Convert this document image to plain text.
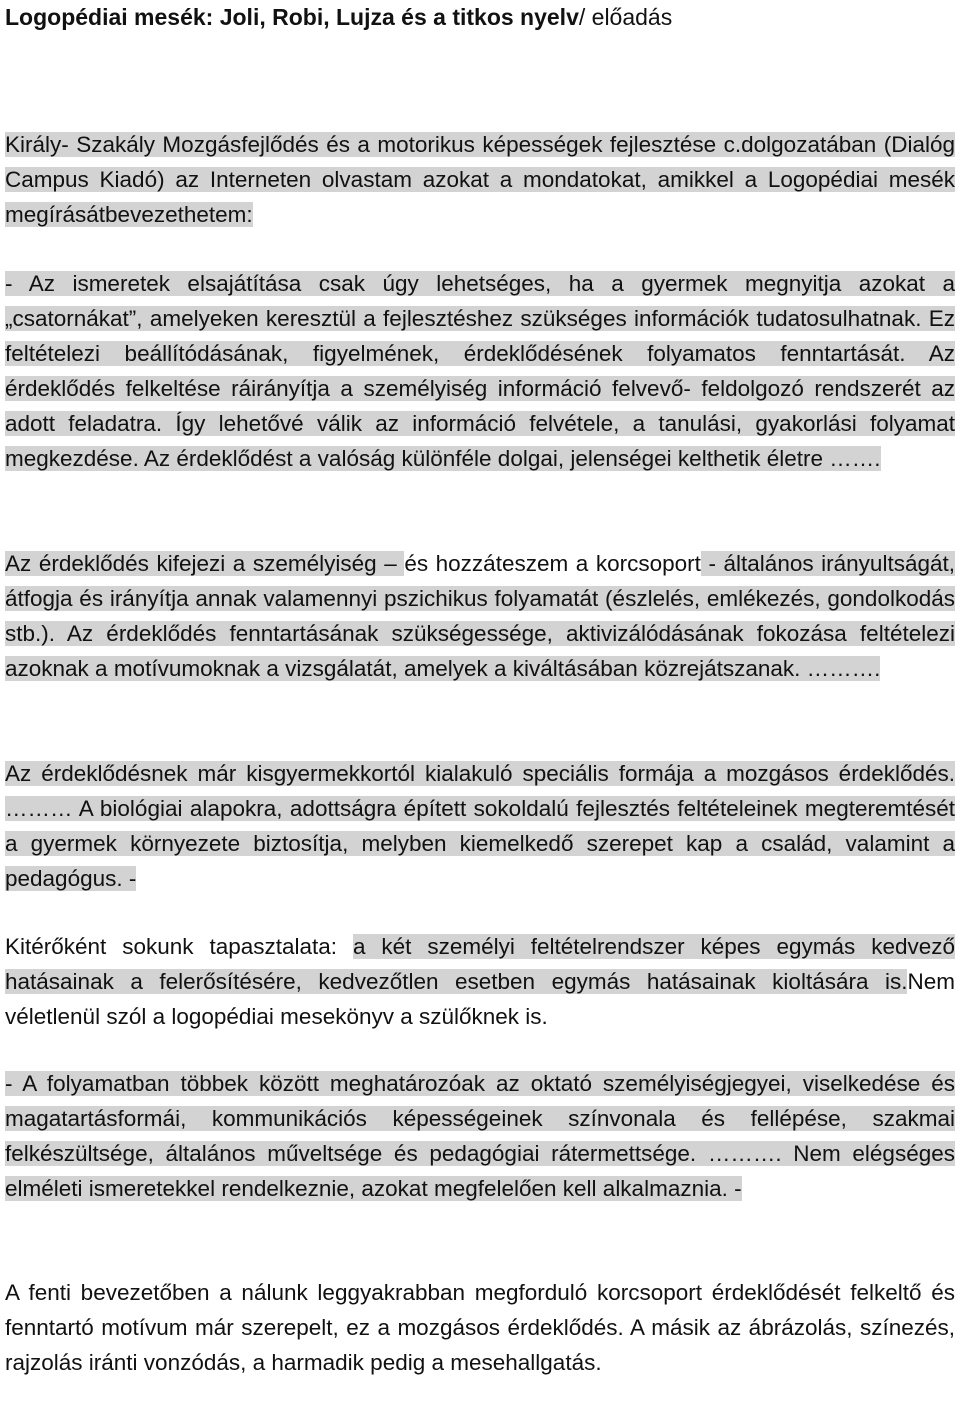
Logopédiai mesék: Joli, Robi, Lujza és a titkos nyelv/ előadás

Király- Szakály Mozgásfejlődés és a motorikus képességek fejlesztése c.dolgozatában (Dialóg Campus Kiadó) az Interneten olvastam azokat a mondatokat, amikkel a Logopédiai mesék megírásátbevezethetem:

- Az ismeretek elsajátítása csak úgy lehetséges, ha a gyermek megnyitja azokat a „csatornákat”, amelyeken keresztül a fejlesztéshez szükséges információk tudatosulhatnak. Ez feltételezi beállítódásának, figyelmének, érdeklődésének folyamatos fenntartását. Az érdeklődés felkeltése ráirányítja a személyiség információ felvevő- feldolgozó rendszerét az adott feladatra. Így lehetővé válik az információ felvétele, a tanulási, gyakorlási folyamat megkezdése. Az érdeklődést a valóság különféle dolgai, jelenségei kelthetik életre …….

Az érdeklődés kifejezi a személyiség – és hozzáteszem a korcsoport - általános irányultságát, átfogja és irányítja annak valamennyi pszichikus folyamatát (észlelés, emlékezés, gondolkodás stb.). Az érdeklődés fenntartásának szükségessége, aktivizálódásának fokozása feltételezi azoknak a motívumoknak a vizsgálatát, amelyek a kiváltásában közrejátszanak. ……….

Az érdeklődésnek már kisgyermekkortól kialakuló speciális formája a mozgásos érdeklődés. ……… A biológiai alapokra, adottságra épített sokoldalú fejlesztés feltételeinek megteremtését a gyermek környezete biztosítja, melyben kiemelkedő szerepet kap a család, valamint a pedagógus. -

Kitérőként sokunk tapasztalata: a két személyi feltételrendszer képes egymás kedvező hatásainak a felerősítésére, kedvezőtlen esetben egymás hatásainak kioltására is.Nem véletlenül szól a logopédiai mesekönyv a szülőknek is.

- A folyamatban többek között meghatározóak az oktató személyiségjegyei, viselkedése és magatartásformái, kommunikációs képességeinek színvonala és fellépése, szakmai felkészültsége, általános műveltsége és pedagógiai rátermettsége. ………. Nem elégséges elméleti ismeretekkel rendelkeznie, azokat megfelelően kell alkalmaznia. -

A fenti bevezetőben a nálunk leggyakrabban megforduló korcsoport érdeklődését felkeltő és fenntartó motívum már szerepelt, ez a mozgásos érdeklődés. A másik az ábrázolás, színezés, rajzolás iránti vonzódás, a harmadik pedig a mesehallgatás.
